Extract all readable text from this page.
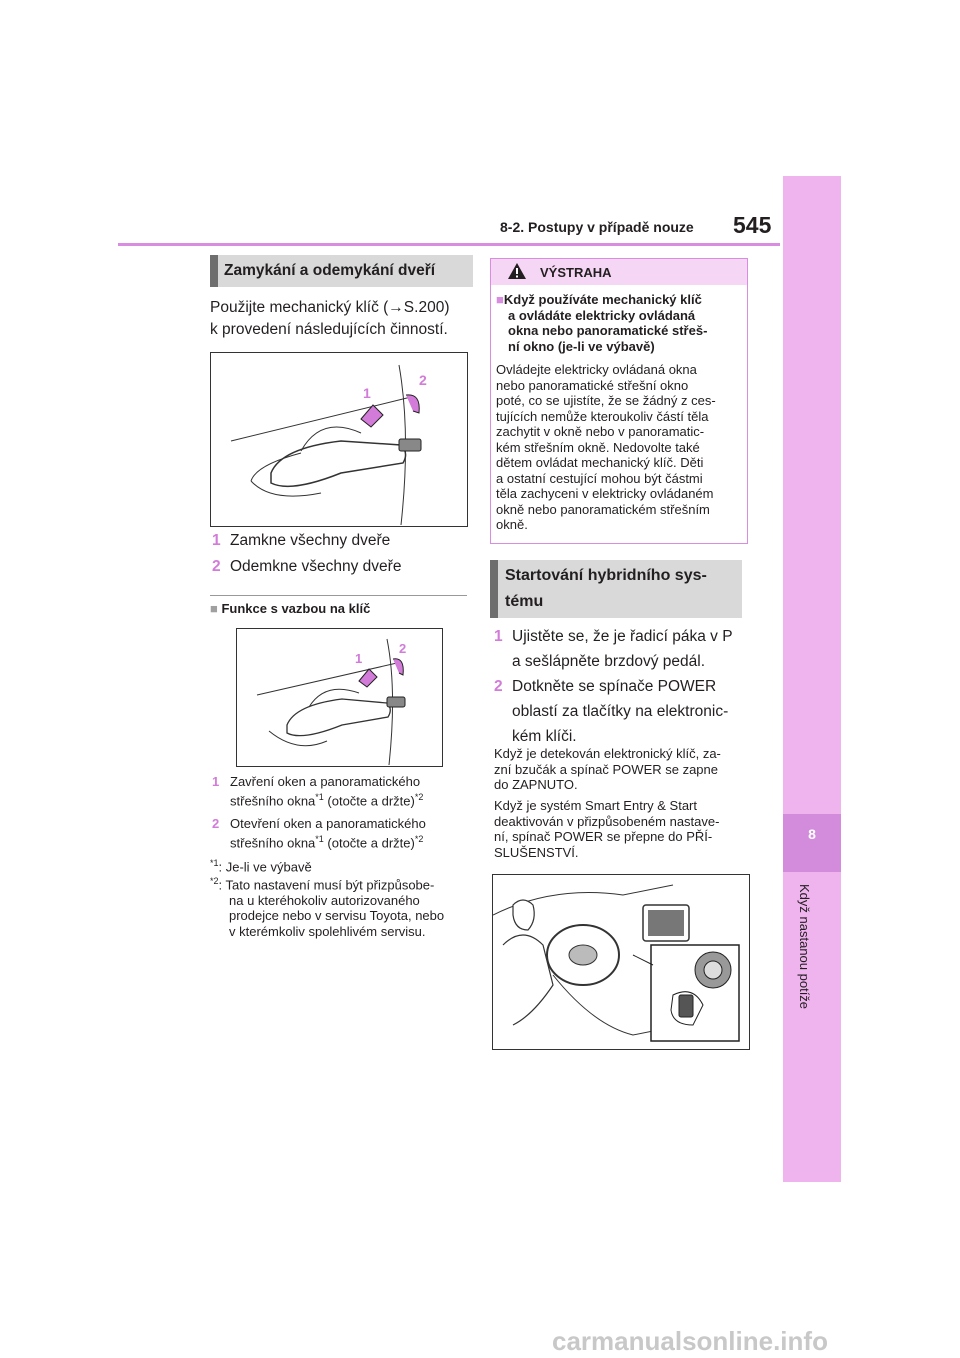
8-2. Postupy v případě nouze 545
8
Když nastanou potíže
Zamykání a odemykání dveří
Použijte mechanický klíč (→S.200)
k provedení následujících činností.
1
2
1 Zamkne všechny dveře
2 Odemkne všechny dveře
■ Funkce s vazbou na klíč
1
2
1 Zavření oken a panoramatického
střešního okna$^{*1}$ (otočte a držte)$^{*2}$
2 Otevření oken a panoramatického
střešního okna$^{*1}$ (otočte a držte)$^{*2}$
$^{*1}$: Je-li ve výbavě
$^{*2}$: Tato nastavení musí být přizpůsobe-
na u kteréhokoliv autorizovaného
prodejce nebo v servisu Toyota, nebo
v kterémkoliv spolehlivém servisu.
VÝSTRAHA
■Když používáte mechanický klíč
a ovládáte elektricky ovládaná
okna nebo panoramatické střeš-
ní okno (je-li ve výbavě)
Ovládejte elektricky ovládaná okna
nebo panoramatické střešní okno
poté, co se ujistíte, že se žádný z ces-
tujících nemůže kteroukoliv částí těla
zachytit v okně nebo v panoramatic-
kém střešním okně. Nedovolte také
dětem ovládat mechanický klíč. Děti
a ostatní cestující mohou být částmi
těla zachyceni v elektricky ovládaném
okně nebo panoramatickém střešním
okně.
Startování hybridního sys-
tému
1 Ujistěte se, že je řadicí páka v P
a sešlápněte brzdový pedál.
2 Dotkněte se spínače POWER
oblastí za tlačítky na elektronic-
kém klíči.
Když je detekován elektronický klíč, za-
zní bzučák a spínač POWER se zapne
do ZAPNUTO.
Když je systém Smart Entry & Start
deaktivován v přizpůsobeném nastave-
ní, spínač POWER se přepne do PŘÍ-
SLUŠENSTVÍ.
carmanualsonline.info
